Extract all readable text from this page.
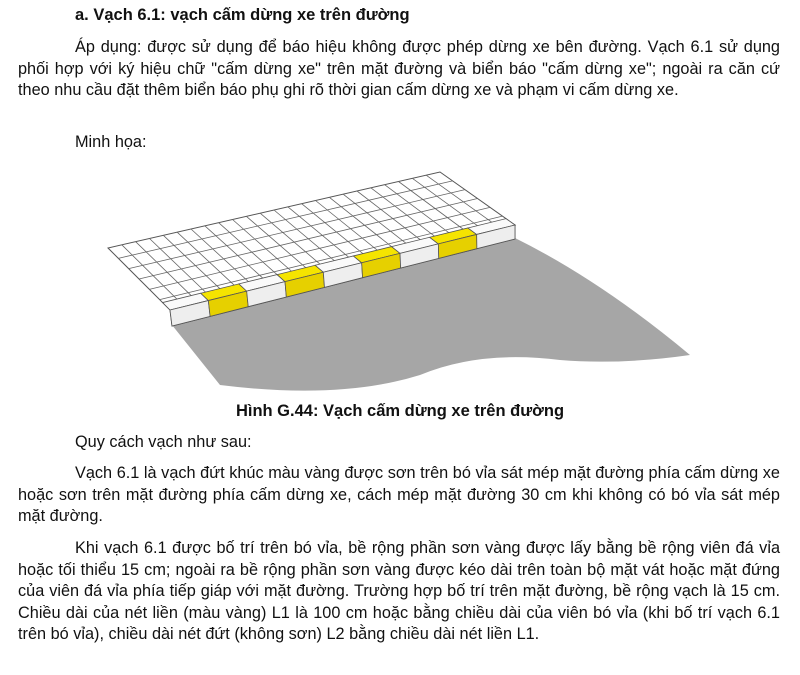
a. Vạch 6.1: vạch cấm dừng xe trên đường

Áp dụng: được sử dụng để báo hiệu không được phép dừng xe bên đường. Vạch 6.1 sử dụng phối hợp với ký hiệu chữ "cấm dừng xe" trên mặt đường và biển báo "cấm dừng xe"; ngoài ra căn cứ theo nhu cầu đặt thêm biển báo phụ ghi rõ thời gian cấm dừng xe và phạm vi cấm dừng xe.

Minh họa:

Hình G.44: Vạch cấm dừng xe trên đường

Quy cách vạch như sau:

Vạch 6.1 là vạch đứt khúc màu vàng được sơn trên bó vỉa sát mép mặt đường phía cấm dừng xe hoặc sơn trên mặt đường phía cấm dừng xe, cách mép mặt đường 30 cm khi không có bó vỉa sát mép mặt đường.

Khi vạch 6.1 được bố trí trên bó vỉa, bề rộng phần sơn vàng được lấy bằng bề rộng viên đá vỉa hoặc tối thiểu 15 cm; ngoài ra bề rộng phần sơn vàng được kéo dài trên toàn bộ mặt vát hoặc mặt đứng của viên đá vỉa phía tiếp giáp với mặt đường. Trường hợp bố trí trên mặt đường, bề rộng vạch là 15 cm. Chiều dài của nét liền (màu vàng) L1 là 100 cm hoặc bằng chiều dài của viên bó vỉa (khi bố trí vạch 6.1 trên bó vỉa), chiều dài nét đứt (không sơn) L2 bằng chiều dài nét liền L1.
